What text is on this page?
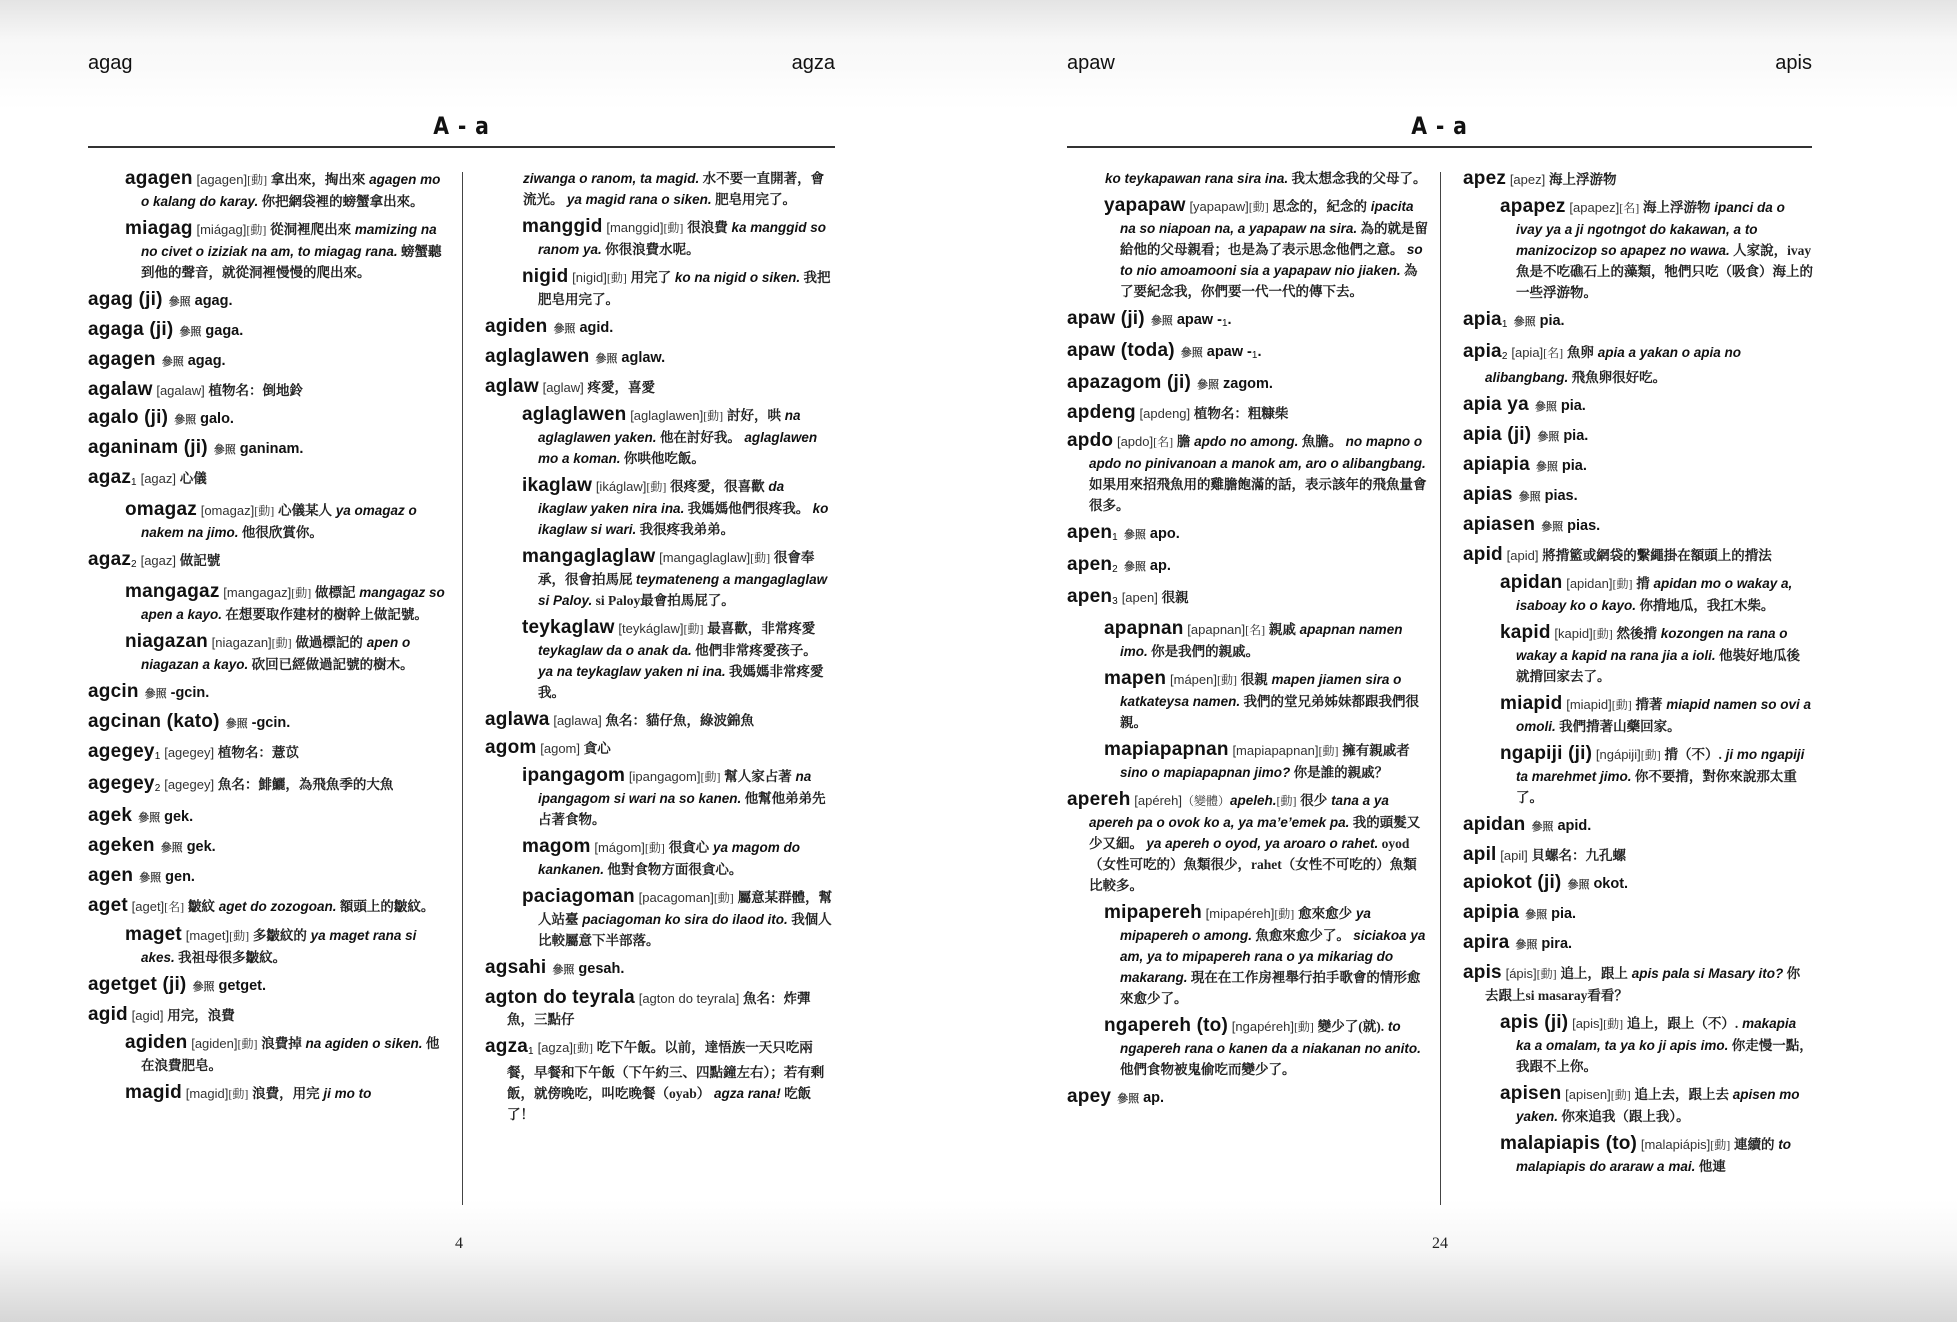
agag	agza
A - a
agagen [agagen][動] 拿出來，掏出來 agagen mo o kalang do karay. 你把網袋裡的螃蟹拿出來。
miagag [miágag][動] 從洞裡爬出來 mamizing na no civet o iziziak na am, to miagag rana. 螃蟹聽到他的聲音，就從洞裡慢慢的爬出來。
agag (ji) 參照 agag.
agaga (ji) 參照 gaga.
agagen 參照 agag.
agalaw [agalaw] 植物名：倒地鈴
agalo (ji) 參照 galo.
aganinam (ji) 參照 ganinam.
agaz$_1$ [agaz] 心儀
omagaz [omagaz][動] 心儀某人 ya omagaz o nakem na jimo. 他很欣賞你。
agaz$_2$ [agaz] 做記號
mangagaz [mangagaz][動] 做標記 mangagaz so apen a kayo. 在想要取作建材的樹幹上做記號。
niagazan [niagazan][動] 做過標記的 apen o niagazan a kayo. 砍回已經做過記號的樹木。
agcin 參照 -gcin.
agcinan (kato) 參照 -gcin.
agegey$_1$ [agegey] 植物名：薏苡
agegey$_2$ [agegey] 魚名：鯡鱺，為飛魚季的大魚
agek 參照 gek.
ageken 參照 gek.
agen 參照 gen.
aget [aget][名] 皺紋 aget do zozogoan. 額頭上的皺紋。
maget [maget][動] 多皺紋的 ya maget rana si akes. 我祖母很多皺紋。
agetget (ji) 參照 getget.
agid [agid] 用完，浪費
agiden [agiden][動] 浪費掉 na agiden o siken. 他在浪費肥皂。
magid [magid][動] 浪費，用完 ji mo to
ziwanga o ranom, ta magid. 水不要一直開著，會流光。 ya magid rana o siken. 肥皂用完了。
manggid [manggid][動] 很浪費 ka manggid so ranom ya. 你很浪費水呢。
nigid [nigid][動] 用完了 ko na nigid o siken. 我把肥皂用完了。
agiden 參照 agid.
aglaglawen 參照 aglaw.
aglaw [aglaw] 疼愛，喜愛
aglaglawen [aglaglawen][動] 討好，哄 na aglaglawen yaken. 他在討好我。 aglaglawen mo a koman. 你哄他吃飯。
ikaglaw [ikáglaw][動] 很疼愛，很喜歡 da ikaglaw yaken nira ina. 我媽媽他們很疼我。 ko ikaglaw si wari. 我很疼我弟弟。
mangaglaglaw [mangaglaglaw][動] 很會奉承，很會拍馬屁 teymateneng a mangaglaglaw si Paloy. si Paloy最會拍馬屁了。
teykaglaw [teykáglaw][動] 最喜歡，非常疼愛 teykaglaw da o anak da. 他們非常疼愛孩子。 ya na teykaglaw yaken ni ina. 我媽媽非常疼愛我。
aglawa [aglawa] 魚名：貓仔魚，綠波錦魚
agom [agom] 貪心
ipangagom [ipangagom][動] 幫人家占著 na ipangagom si wari na so kanen. 他幫他弟弟先占著食物。
magom [mágom][動] 很貪心 ya magom do kankanen. 他對食物方面很貪心。
paciagoman [pacagoman][動] 屬意某群體，幫人站臺 paciagoman ko sira do ilaod ito. 我個人比較屬意下半部落。
agsahi 參照 gesah.
agton do teyrala [agton do teyrala] 魚名：炸彈魚，三點仔
agza$_1$ [agza][動] 吃下午飯。以前，達悟族一天只吃兩餐，早餐和下午飯（下午約三、四點鐘左右）；若有剩飯，就傍晚吃，叫吃晚餐（oyab） agza rana! 吃飯了！
4
apaw	apis
A - a
ko teykapawan rana sira ina. 我太想念我的父母了。
yapapaw [yapapaw][動] 思念的，紀念的 ipacita na so niapoan na, a yapapaw na sira. 為的就是留給他的父母親看；也是為了表示思念他們之意。 so to nio amoamooni sia a yapapaw nio jiaken. 為了要紀念我，你們要一代一代的傳下去。
apaw (ji) 參照 apaw $-_1$.
apaw (toda) 參照 apaw $-_1$.
apazagom (ji) 參照 zagom.
apdeng [apdeng] 植物名：粗糠柴
apdo [apdo][名] 膽 apdo no among. 魚膽。 no mapno o apdo no pinivanoan a manok am, aro o alibangbang. 如果用來招飛魚用的雞膽飽滿的話，表示該年的飛魚量會很多。
apen$_1$ 參照 apo.
apen$_2$ 參照 ap.
apen$_3$ [apen] 很親
apapnan [apapnan][名] 親戚 apapnan namen imo. 你是我們的親戚。
mapen [mápen][動] 很親 mapen jiamen sira o katkateysa namen. 我們的堂兄弟姊妹都跟我們很親。
mapiapapnan [mapiapapnan][動] 擁有親戚者 sino o mapiapapnan jimo? 你是誰的親戚？
apereh [apéreh]（變體）apeleh.[動] 很少 tana a ya apereh pa o ovok ko a, ya ma’e’emek pa. 我的頭髮又少又細。 ya apereh o oyod, ya aroaro o rahet. oyod（女性可吃的）魚類很少，rahet（女性不可吃的）魚類比較多。
mipapereh [mipapéreh][動] 愈來愈少 ya mipapereh o among. 魚愈來愈少了。 siciakoa ya am, ya to mipapereh rana o ya mikariag do makarang. 現在在工作房裡舉行拍手歌會的情形愈來愈少了。
ngapereh (to) [ngapéreh][動] 變少了(就). to ngapereh rana o kanen da a niakanan no anito. 他們食物被鬼偷吃而變少了。
apey 參照 ap.
apez [apez] 海上浮游物
apapez [apapez][名] 海上浮游物 ipanci da o ivay ya a ji ngotngot do kakawan, a to manizocizop so apapez no wawa. 人家說，ivay魚是不吃礁石上的藻類，牠們只吃（吸食）海上的一些浮游物。
apia$_1$ 參照 pia.
apia$_2$ [apia][名] 魚卵 apia a yakan o apia no alibangbang. 飛魚卵很好吃。
apia ya 參照 pia.
apia (ji) 參照 pia.
apiapia 參照 pia.
apias 參照 pias.
apiasen 參照 pias.
apid [apid] 將揹籃或網袋的繫繩掛在額頭上的揹法
apidan [apidan][動] 揹 apidan mo o wakay a, isaboay ko o kayo. 你揹地瓜，我扛木柴。
kapid [kapid][動] 然後揹 kozongen na rana o wakay a kapid na rana jia a ioli. 他裝好地瓜後就揹回家去了。
miapid [miapid][動] 揹著 miapid namen so ovi a omoli. 我們揹著山藥回家。
ngapiji (ji) [ngápiji][動] 揹（不）. ji mo ngapiji ta marehmet jimo. 你不要揹，對你來說那太重了。
apidan 參照 apid.
apil [apil] 貝螺名：九孔螺
apiokot (ji) 參照 okot.
apipia 參照 pia.
apira 參照 pira.
apis [ápis][動] 追上，跟上 apis pala si Masary ito? 你去跟上si masaray看看？
apis (ji) [apis][動] 追上，跟上（不）. makapia ka a omalam, ta ya ko ji apis imo. 你走慢一點，我跟不上你。
apisen [apisen][動] 追上去，跟上去 apisen mo yaken. 你來追我（跟上我）。
malapiapis (to) [malapiápis][動] 連續的 to malapiapis do araraw a mai. 他連
24
